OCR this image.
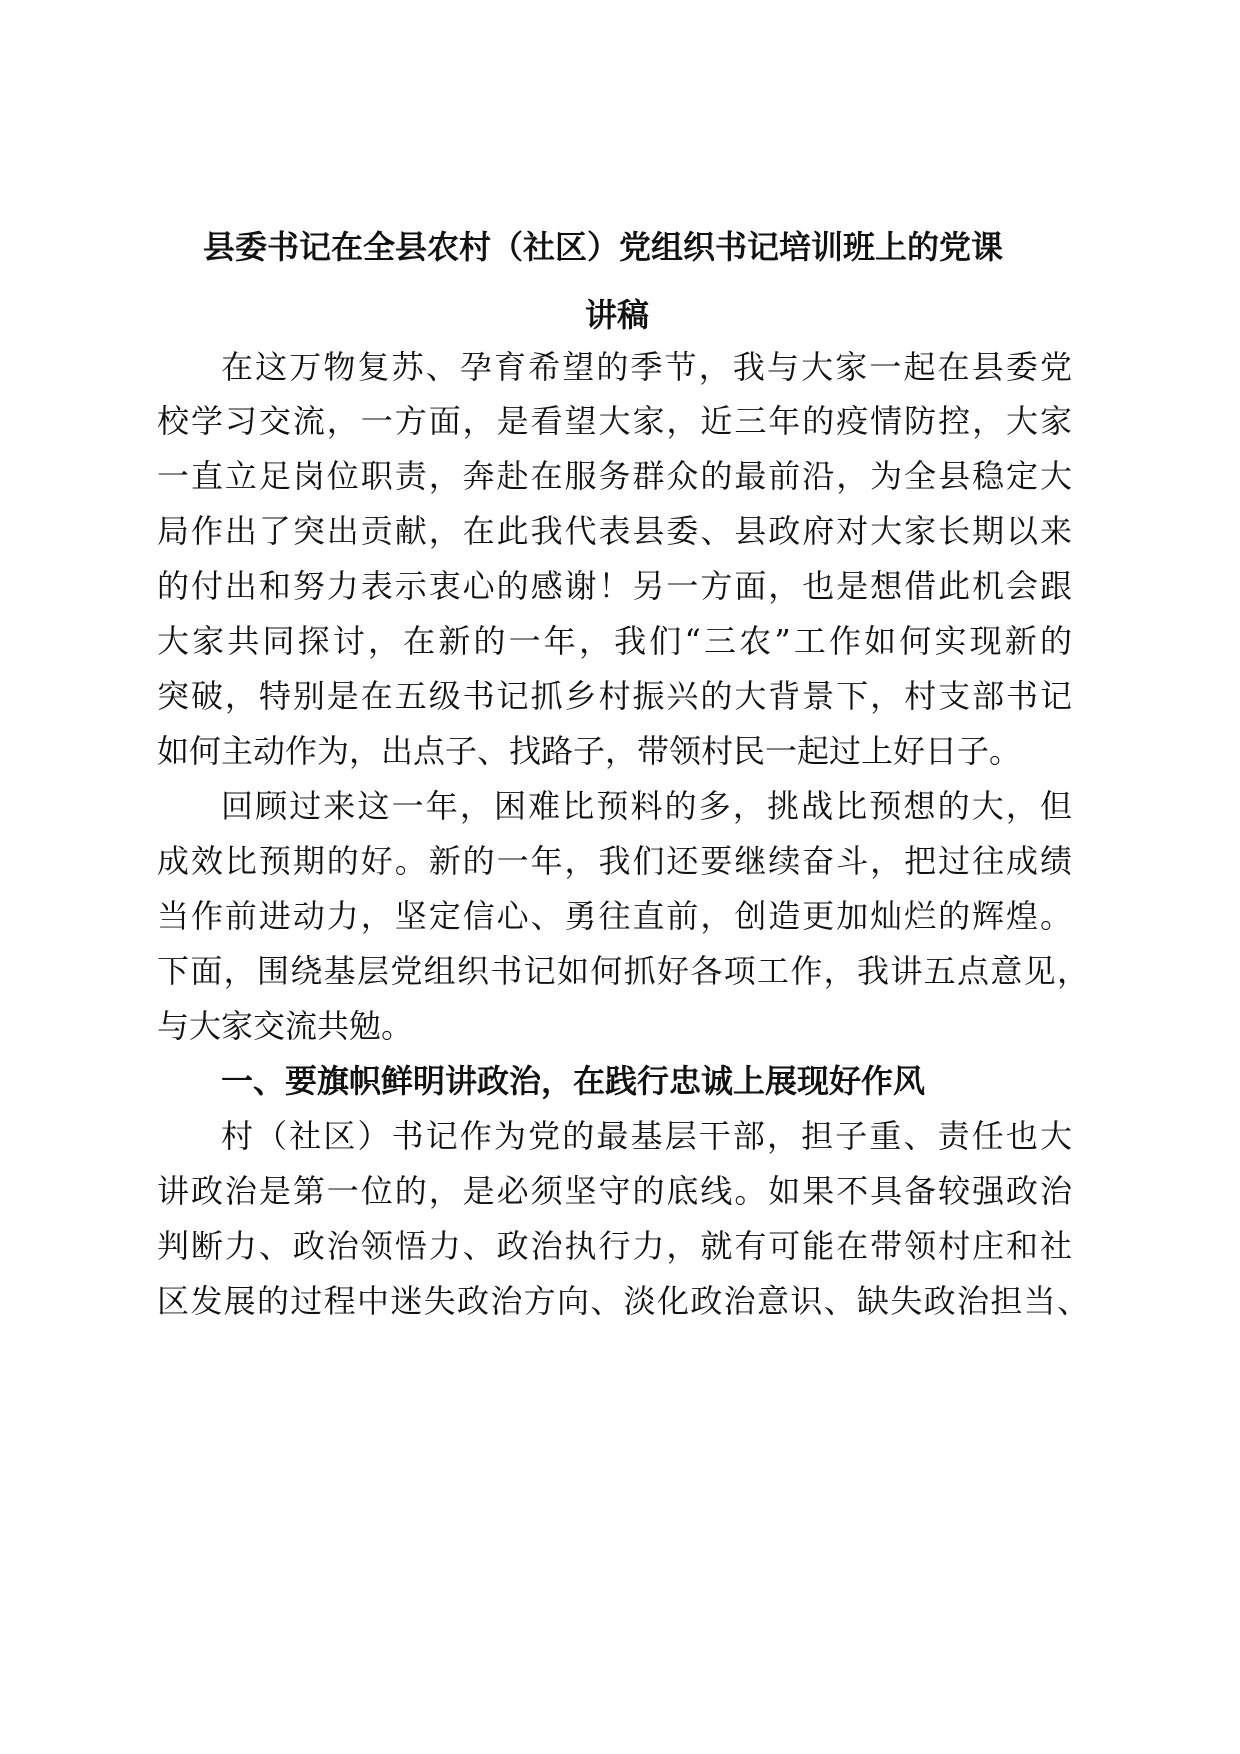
县委书记在全县农村（社区）党组织书记培训班上的党课
讲稿
在这万物复苏、孕育希望的季节，我与大家一起在县委党
校学习交流，一方面，是看望大家，近三年的疫情防控，大家
一直立足岗位职责，奔赴在服务群众的最前沿，为全县稳定大
局作出了突出贡献，在此我代表县委、县政府对大家长期以来
的付出和努力表示衷心的感谢！另一方面，也是想借此机会跟
大家共同探讨，在新的一年，我们“三农”工作如何实现新的
突破，特别是在五级书记抓乡村振兴的大背景下，村支部书记
如何主动作为，出点子、找路子，带领村民一起过上好日子。
回顾过来这一年，困难比预料的多，挑战比预想的大，但
成效比预期的好。新的一年，我们还要继续奋斗，把过往成绩
当作前进动力，坚定信心、勇往直前，创造更加灿烂的辉煌。
下面，围绕基层党组织书记如何抓好各项工作，我讲五点意见，
与大家交流共勉。
一、要旗帜鲜明讲政治，在践行忠诚上展现好作风
村（社区）书记作为党的最基层干部，担子重、责任也大
讲政治是第一位的，是必须坚守的底线。如果不具备较强政治
判断力、政治领悟力、政治执行力，就有可能在带领村庄和社
区发展的过程中迷失政治方向、淡化政治意识、缺失政治担当、
